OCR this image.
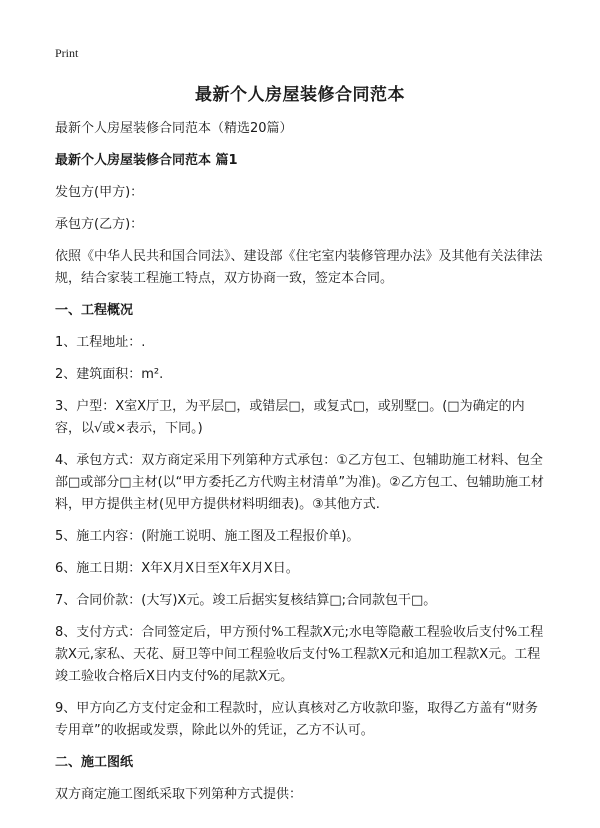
Print
最新个人房屋装修合同范本
最新个人房屋装修合同范本（精选20篇）
最新个人房屋装修合同范本 篇1
发包方(甲方)：
承包方(乙方)：
依照《中华人民共和国合同法》、建设部《住宅室内装修管理办法》及其他有关法律法规，结合家装工程施工特点，双方协商一致，签定本合同。
一、工程概况
1、工程地址：.
2、建筑面积：m².
3、户型：X室X厅卫，为平层□，或错层□，或复式□，或别墅□。(□为确定的内容，以√或×表示，下同。)
4、承包方式：双方商定采用下列第种方式承包：①乙方包工、包辅助施工材料、包全部□或部分□主材(以“甲方委托乙方代购主材清单”为准)。②乙方包工、包辅助施工材料，甲方提供主材(见甲方提供材料明细表)。③其他方式.
5、施工内容：(附施工说明、施工图及工程报价单)。
6、施工日期：X年X月X日至X年X月X日。
7、合同价款：(大写)X元。竣工后据实复核结算□;合同款包干□。
8、支付方式：合同签定后，甲方预付%工程款X元;水电等隐蔽工程验收后支付%工程款X元,家私、天花、厨卫等中间工程验收后支付%工程款X元和追加工程款X元。工程竣工验收合格后X日内支付%的尾款X元。
9、甲方向乙方支付定金和工程款时，应认真核对乙方收款印鉴，取得乙方盖有“财务专用章”的收据或发票，除此以外的凭证，乙方不认可。
二、施工图纸
双方商定施工图纸采取下列第种方式提供：
